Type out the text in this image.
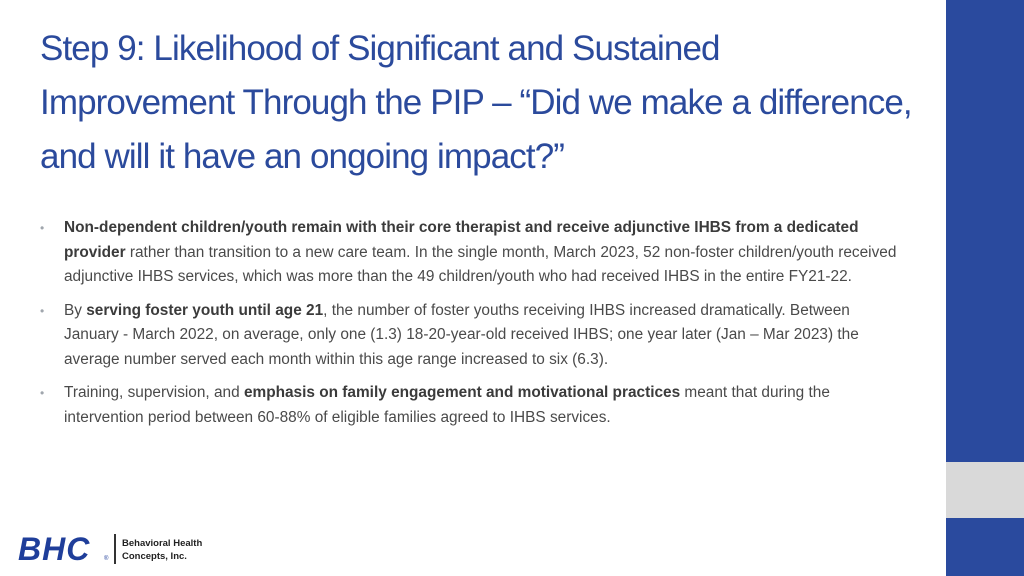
Step 9: Likelihood of Significant and Sustained Improvement Through the PIP – “Did we make a difference, and will it have an ongoing impact?”
• Non-dependent children/youth remain with their core therapist and receive adjunctive IHBS from a dedicated provider rather than transition to a new care team. In the single month, March 2023, 52 non-foster children/youth received adjunctive IHBS services, which was more than the 49 children/youth who had received IHBS in the entire FY21-22.
• By serving foster youth until age 21, the number of foster youths receiving IHBS increased dramatically. Between January - March 2022, on average, only one (1.3) 18-20-year-old received IHBS; one year later (Jan – Mar 2023) the average number served each month within this age range increased to six (6.3).
• Training, supervision, and emphasis on family engagement and motivational practices meant that during the intervention period between 60-88% of eligible families agreed to IHBS services.
BHC ®
Behavioral Health Concepts, Inc.
